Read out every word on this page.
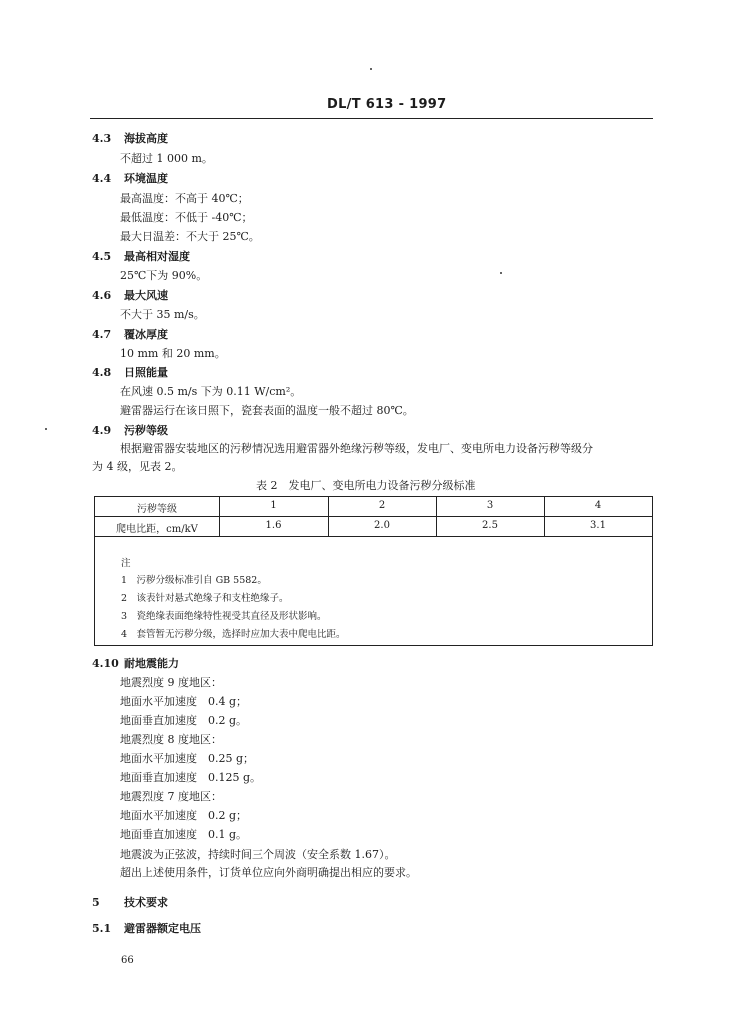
DL/T 613 - 1997
4.3 海拔高度
不超过 1 000 m。
4.4 环境温度
最高温度：不高于 40℃；
最低温度：不低于 -40℃；
最大日温差：不大于 25℃。
4.5 最高相对湿度
25℃下为 90%。
4.6 最大风速
不大于 35 m/s。
4.7 覆冰厚度
10 mm 和 20 mm。
4.8 日照能量
在风速 0.5 m/s 下为 0.11 W/cm²。
避雷器运行在该日照下，瓷套表面的温度一般不超过 80℃。
4.9 污秽等级
根据避雷器安装地区的污秽情况选用避雷器外绝缘污秽等级，发电厂、变电所电力设备污秽等级分
为 4 级，见表 2。
表 2　发电厂、变电所电力设备污秽分级标准
污秽等级	1	2	3	4
爬电比距，cm/kV	1.6	2.0	2.5	3.1
注
1　污秽分级标准引自 GB 5582。
2　该表针对悬式绝缘子和支柱绝缘子。
3　瓷绝缘表面绝缘特性视受其直径及形状影响。
4　套管暂无污秽分级，选择时应加大表中爬电比距。
4.10 耐地震能力
地震烈度 9 度地区：
地面水平加速度　0.4 g；
地面垂直加速度　0.2 g。
地震烈度 8 度地区：
地面水平加速度　0.25 g；
地面垂直加速度　0.125 g。
地震烈度 7 度地区：
地面水平加速度　0.2 g；
地面垂直加速度　0.1 g。
地震波为正弦波，持续时间三个周波（安全系数 1.67）。
超出上述使用条件，订货单位应向外商明确提出相应的要求。
5 技术要求
5.1 避雷器额定电压
66
